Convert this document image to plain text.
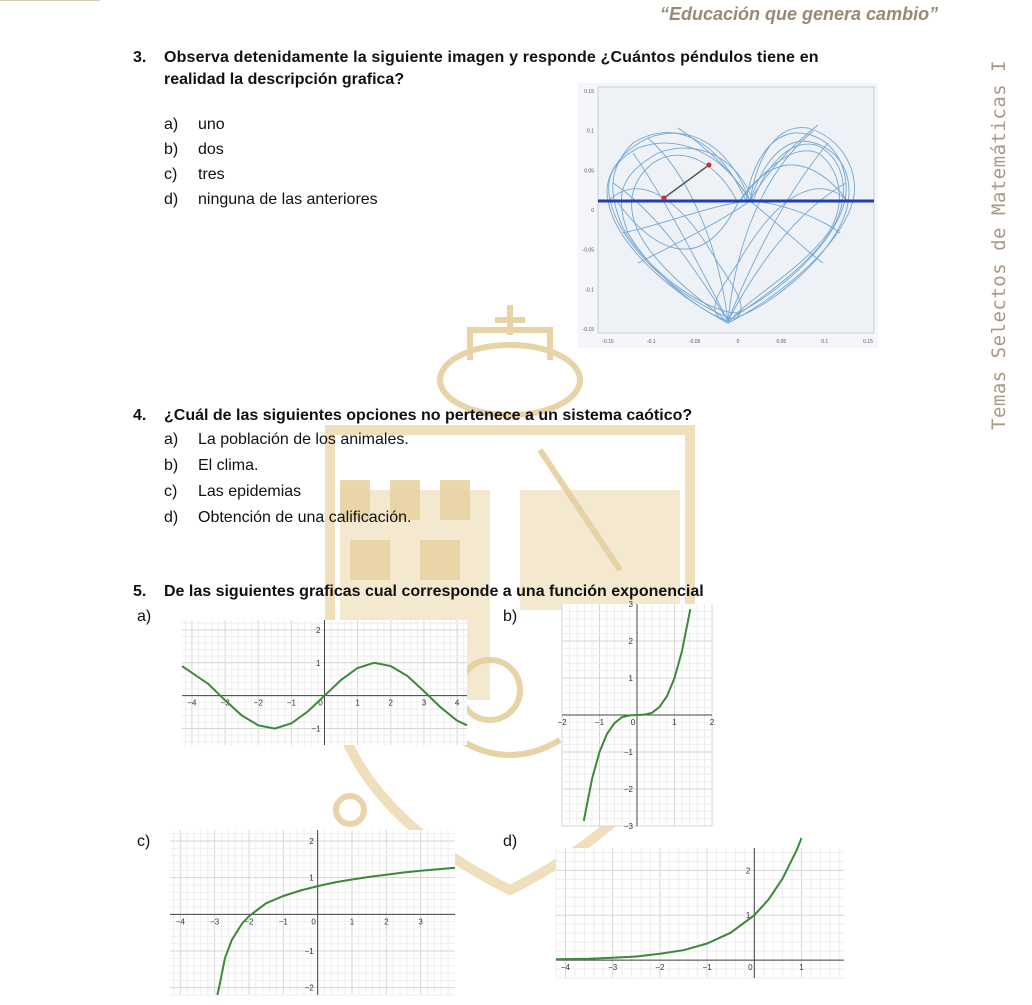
“Educación que genera cambio”
Temas Selectos de Matemáticas I
3. Observa detenidamente la siguiente imagen y responde ¿Cuántos péndulos tiene en
realidad la descripción grafica?
a) uno
b) dos
c) tres
d) ninguna de las anteriores
0.15
0.1
0.05
0
-0.05
-0.1
-0.15
-0.15	-0.1	-0.05	0	0.05	0.1	0.15
4. ¿Cuál de las siguientes opciones no pertenece a un sistema caótico?
a) La población de los animales.
b) El clima.
c) Las epidemias
d) Obtención de una calificación.
5. De las siguientes graficas cual corresponde a una función exponencial
a)	b)
c)	d)
−4	−3	−2	−1	0	1	2	3	4
2
1
−1
−2	−1	0	1	2
3
2
1
−1
−2
−3
−4	−3	−2	−1	0	1	2	3
2
1
−1
−2
−4	−3	−2	−1	0	1
2
1
